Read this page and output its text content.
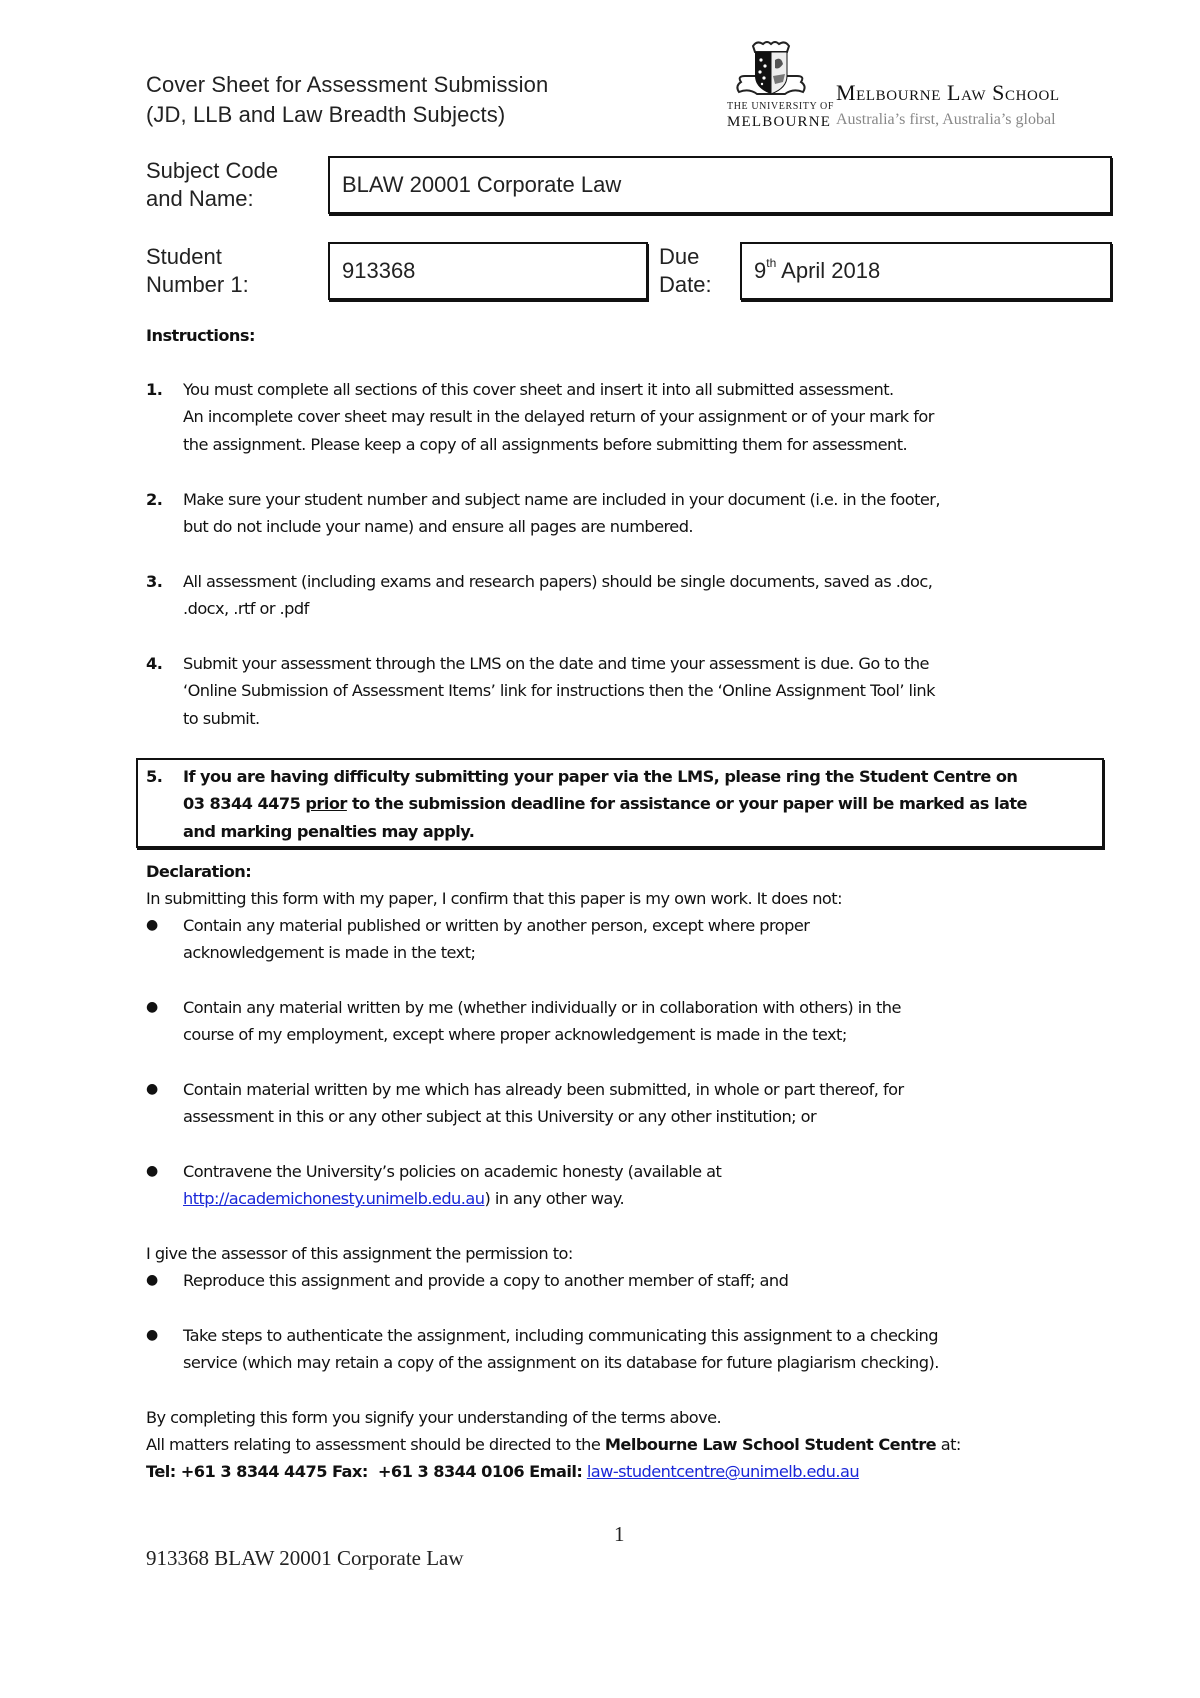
Cover Sheet for Assessment Submission
(JD, LLB and Law Breadth Subjects)	THE UNIVERSITY OF
MELBOURNE
Melbourne Law School
Australia’s first, Australia’s global
Subject Code
and Name:
BLAW 20001 Corporate Law
Student
Number 1:
913368
Due
Date:
9th April 2018
Instructions:
1. You must complete all sections of this cover sheet and insert it into all submitted assessment.
An incomplete cover sheet may result in the delayed return of your assignment or of your mark for
the assignment. Please keep a copy of all assignments before submitting them for assessment.
2. Make sure your student number and subject name are included in your document (i.e. in the footer,
but do not include your name) and ensure all pages are numbered.
3. All assessment (including exams and research papers) should be single documents, saved as .doc,
.docx, .rtf or .pdf
4. Submit your assessment through the LMS on the date and time your assessment is due. Go to the
‘Online Submission of Assessment Items’ link for instructions then the ‘Online Assignment Tool’ link
to submit.
5. If you are having difficulty submitting your paper via the LMS, please ring the Student Centre on
03 8344 4475 prior to the submission deadline for assistance or your paper will be marked as late
and marking penalties may apply.
Declaration:
In submitting this form with my paper, I confirm that this paper is my own work. It does not:
● Contain any material published or written by another person, except where proper
acknowledgement is made in the text;
● Contain any material written by me (whether individually or in collaboration with others) in the
course of my employment, except where proper acknowledgement is made in the text;
● Contain material written by me which has already been submitted, in whole or part thereof, for
assessment in this or any other subject at this University or any other institution; or
● Contravene the University’s policies on academic honesty (available at
http://academichonesty.unimelb.edu.au) in any other way.
I give the assessor of this assignment the permission to:
● Reproduce this assignment and provide a copy to another member of staff; and
● Take steps to authenticate the assignment, including communicating this assignment to a checking
service (which may retain a copy of the assignment on its database for future plagiarism checking).
By completing this form you signify your understanding of the terms above.
All matters relating to assessment should be directed to the Melbourne Law School Student Centre at:
Tel: +61 3 8344 4475 Fax:  +61 3 8344 0106 Email: law-studentcentre@unimelb.edu.au
1
913368 BLAW 20001 Corporate Law
